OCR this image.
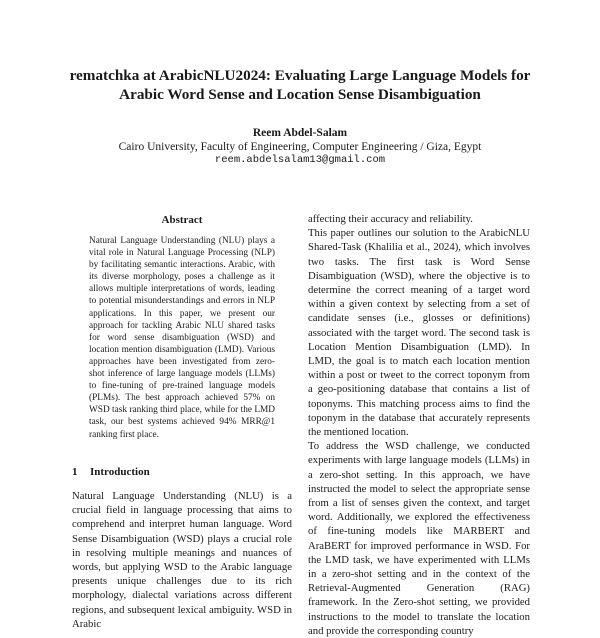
rematchka at ArabicNLU2024: Evaluating Large Language Models for
Arabic Word Sense and Location Sense Disambiguation
Reem Abdel-Salam
Cairo University, Faculty of Engineering, Computer Engineering / Giza, Egypt
reem.abdelsalam13@gmail.com
Abstract

Natural Language Understanding (NLU) plays a vital role in Natural Language Processing (NLP) by facilitating semantic interactions. Arabic, with its diverse morphology, poses a challenge as it allows multiple interpretations of words, leading to potential misunderstandings and errors in NLP applications. In this paper, we present our approach for tackling Arabic NLU shared tasks for word sense disambiguation (WSD) and location mention disambiguation (LMD). Various approaches have been investigated from zero-shot inference of large language models (LLMs) to fine-tuning of pre-trained language models (PLMs). The best approach achieved 57% on WSD task ranking third place, while for the LMD task, our best systems achieved 94% MRR@1 ranking first place.

1 Introduction

Natural Language Understanding (NLU) is a crucial field in language processing that aims to comprehend and interpret human language. Word Sense Disambiguation (WSD) plays a crucial role in resolving multiple meanings and nuances of words, but applying WSD to the Arabic language presents unique challenges due to its rich morphology, dialectal variations across different regions, and subsequent lexical ambiguity. WSD in Arabic

affecting their accuracy and reliability.

This paper outlines our solution to the ArabicNLU Shared-Task (Khalilia et al., 2024), which involves two tasks. The first task is Word Sense Disambiguation (WSD), where the objective is to determine the correct meaning of a target word within a given context by selecting from a set of candidate senses (i.e., glosses or definitions) associated with the target word. The second task is Location Mention Disambiguation (LMD). In LMD, the goal is to match each location mention within a post or tweet to the correct toponym from a geo-positioning database that contains a list of toponyms. This matching process aims to find the toponym in the database that accurately represents the mentioned location.

To address the WSD challenge, we conducted experiments with large language models (LLMs) in a zero-shot setting. In this approach, we have instructed the model to select the appropriate sense from a list of senses given the context, and target word. Additionally, we explored the effectiveness of fine-tuning models like MARBERT and AraBERT for improved performance in WSD. For the LMD task, we have experimented with LLMs in a zero-shot setting and in the context of the Retrieval-Augmented Generation (RAG) framework. In the Zero-shot setting, we provided instructions to the model to translate the location and provide the corresponding country
